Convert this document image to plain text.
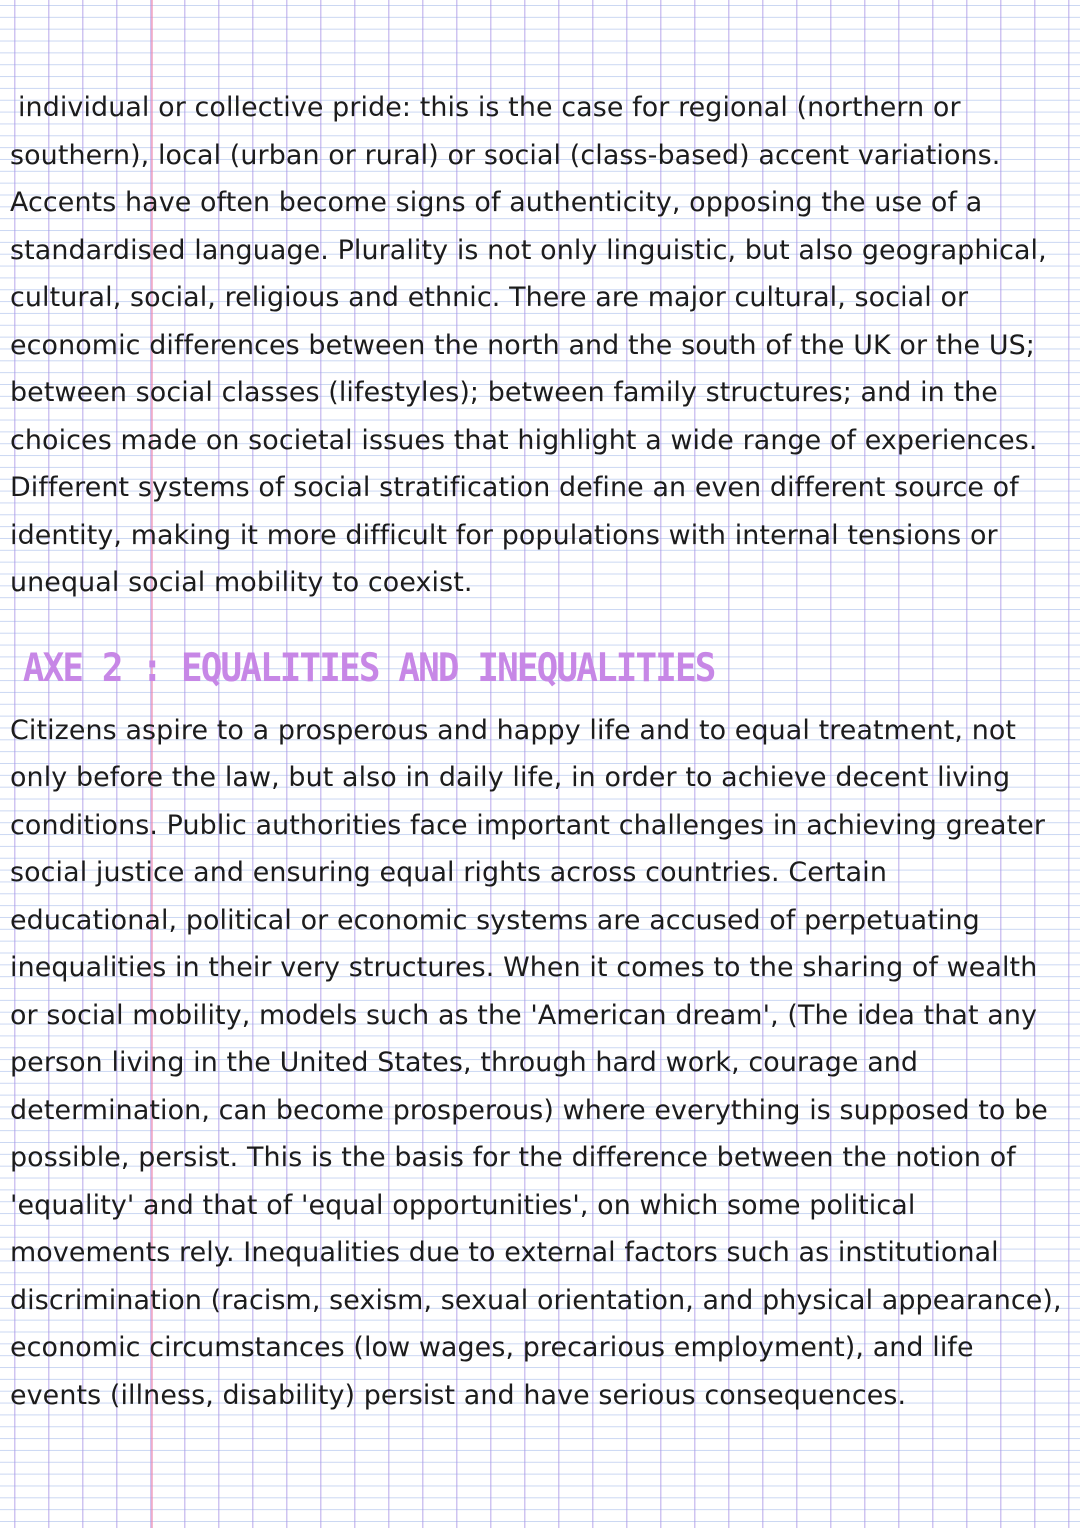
individual or collective pride: this is the case for regional (northern or

southern), local (urban or rural) or social (class-based) accent variations.

Accents have often become signs of authenticity, opposing the use of a

standardised language. Plurality is not only linguistic, but also geographical,

cultural, social, religious and ethnic. There are major cultural, social or

economic differences between the north and the south of the UK or the US;

between social classes (lifestyles); between family structures; and in the

choices made on societal issues that highlight a wide range of experiences.

Different systems of social stratification define an even different source of

identity, making it more difficult for populations with internal tensions or

unequal social mobility to coexist.

AXE 2 : EQUALITIES AND INEQUALITIES

Citizens aspire to a prosperous and happy life and to equal treatment, not

only before the law, but also in daily life, in order to achieve decent living

conditions. Public authorities face important challenges in achieving greater

social justice and ensuring equal rights across countries. Certain

educational, political or economic systems are accused of perpetuating

inequalities in their very structures. When it comes to the sharing of wealth

or social mobility, models such as the 'American dream', (The idea that any

person living in the United States, through hard work, courage and

determination, can become prosperous) where everything is supposed to be

possible, persist. This is the basis for the difference between the notion of

'equality' and that of 'equal opportunities', on which some political

movements rely. Inequalities due to external factors such as institutional

discrimination (racism, sexism, sexual orientation, and physical appearance),

economic circumstances (low wages, precarious employment), and life

events (illness, disability) persist and have serious consequences.
